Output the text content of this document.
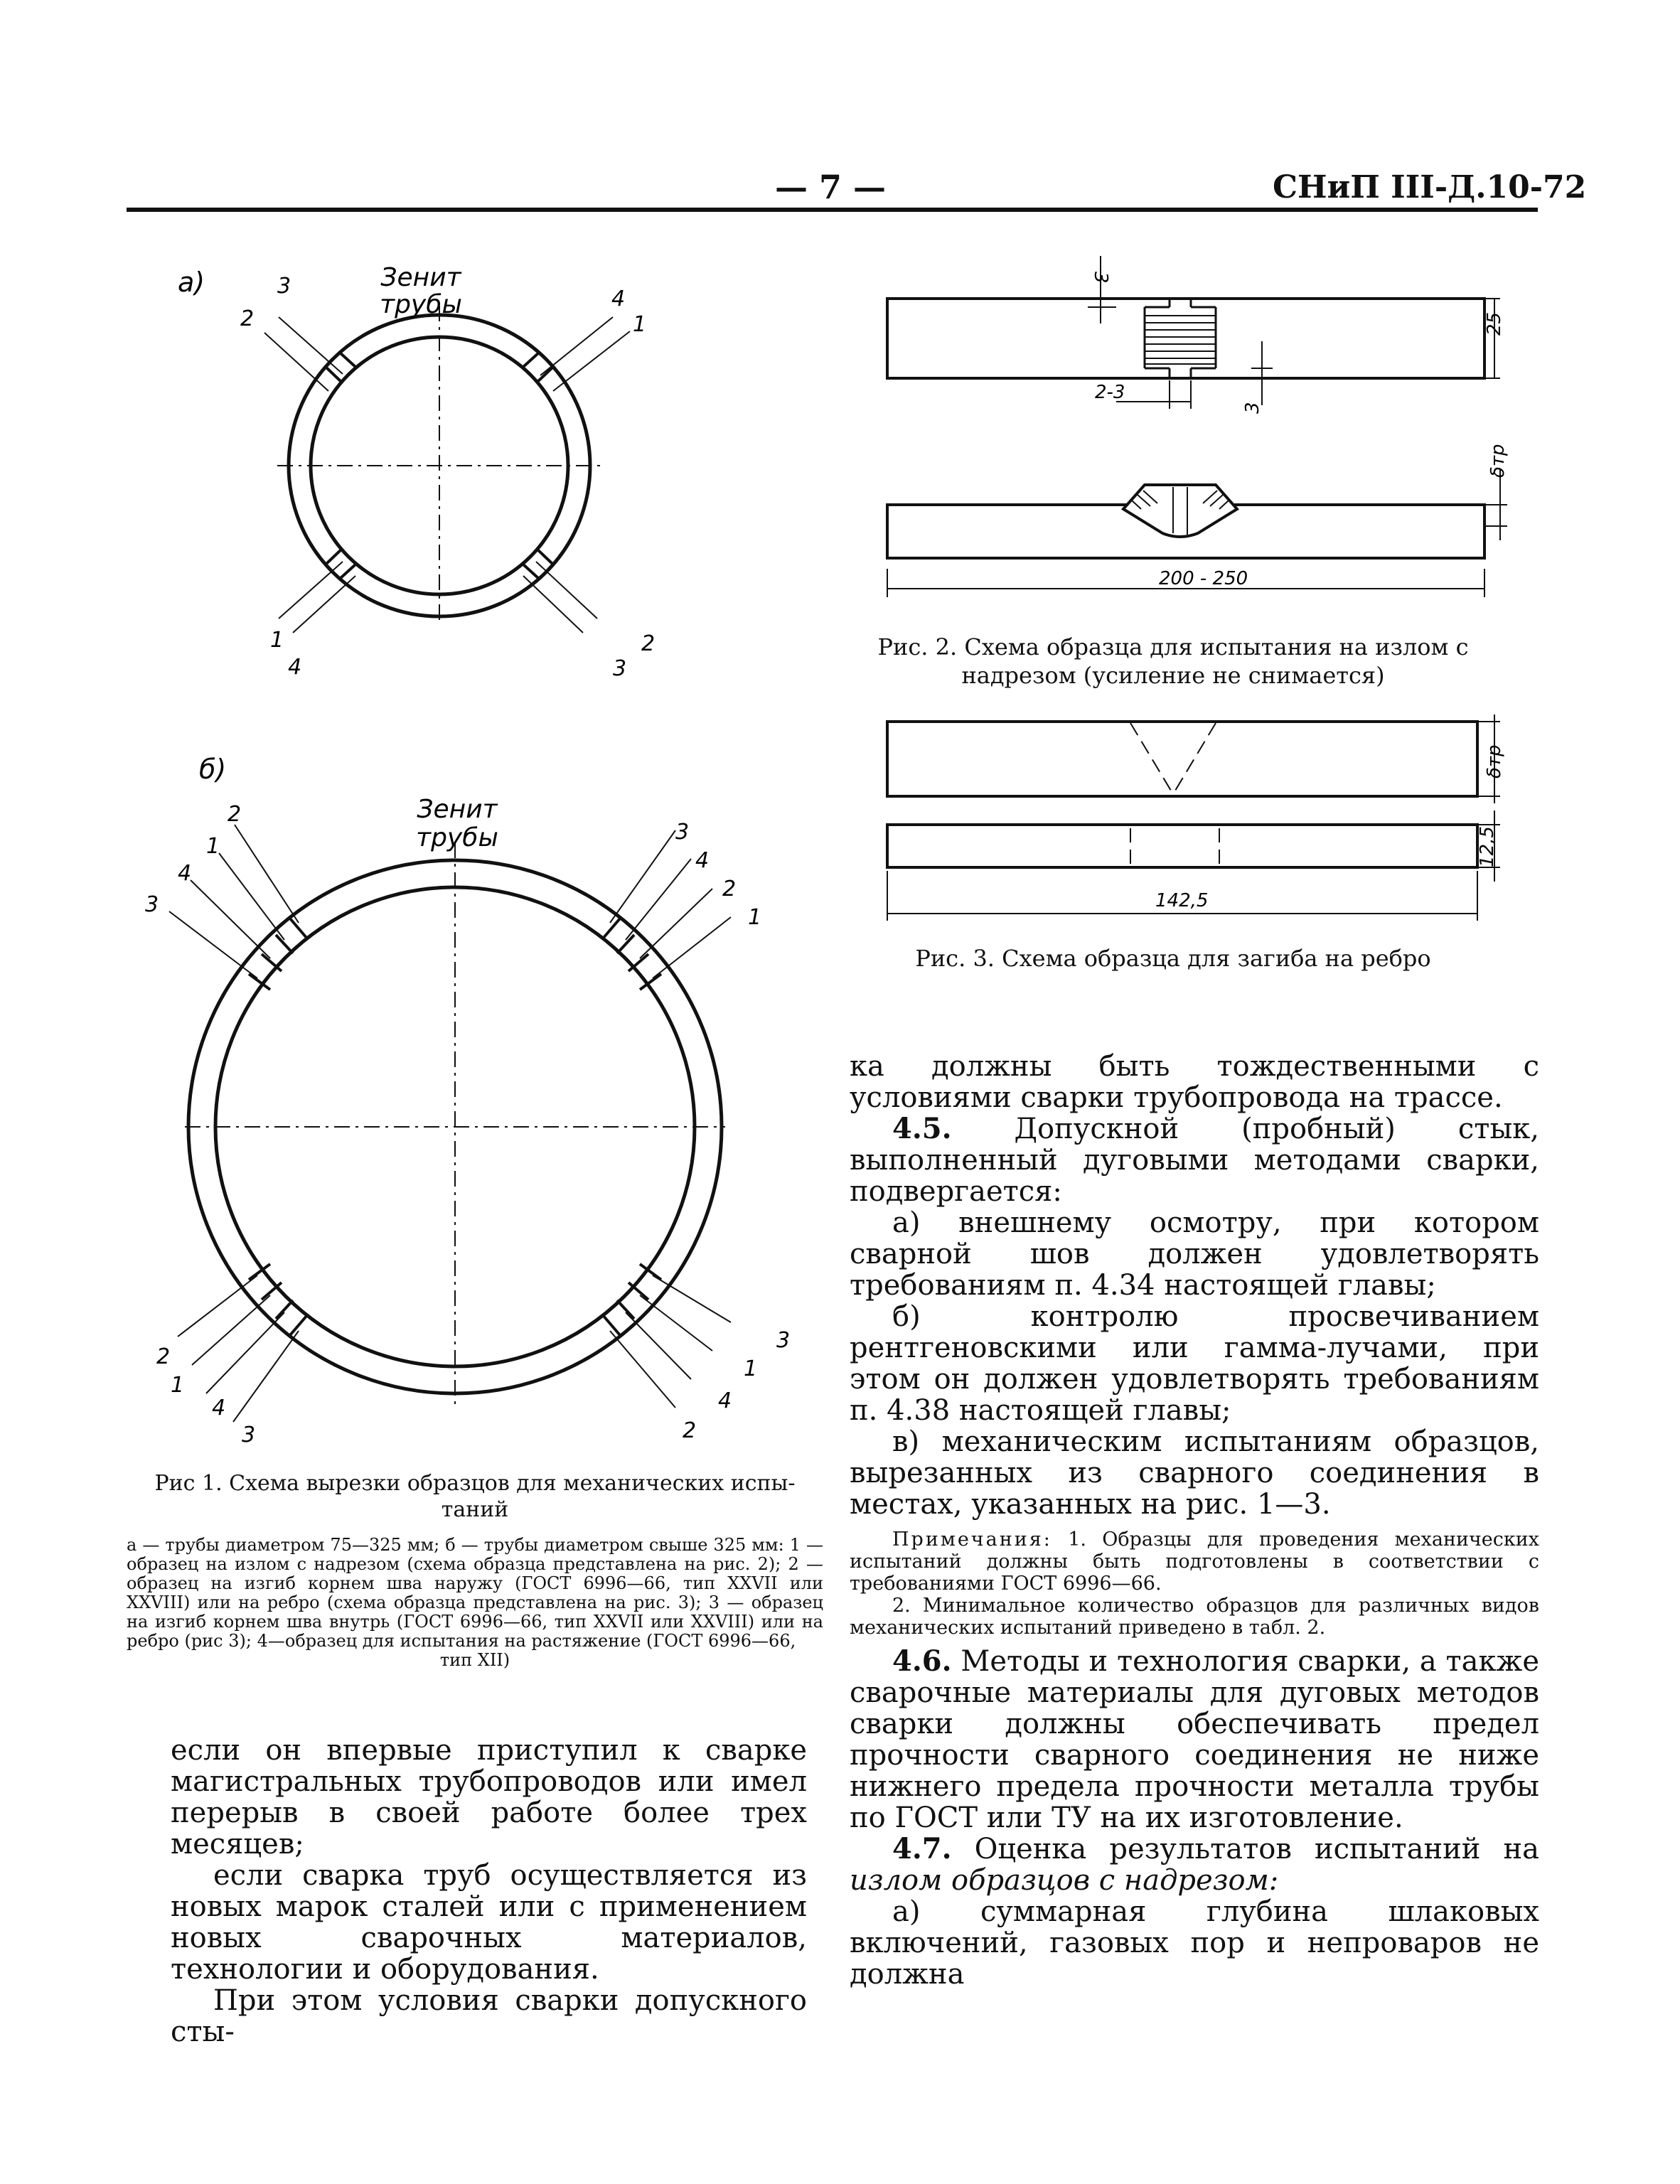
— 7 —	СНиП III-Д.10-72
а)	Зенит
трубы
3
2
4
1
1
4
2
3
б)
Зенит
трубы
2
1
4
3
3
4
2
1
2
1
4
3
3
1
4
2
Рис 1. Схема вырезки образцов для механических испы-
таний
а — трубы диаметром 75—325 мм; б — трубы диаметром свыше 325 мм: 1 — образец на излом с надрезом (схема образца представлена на рис. 2); 2 — образец на изгиб корнем шва наружу (ГОСТ 6996—66, тип XXVII или XXVIII) или на ребро (схема образца представлена на рис. 3); 3 — образец на изгиб корнем шва внутрь (ГОСТ 6996—66, тип XXVII или XXVIII) или на ребро (рис 3); 4—образец для испытания на растяжение (ГОСТ 6996—66,
тип XII)
3
25
2-3
3
δтр
200 - 250
Рис. 2. Схема образца для испытания на излом с надрезом (усиление не снимается)
δтр
12,5
142,5
Рис. 3. Схема образца для загиба на ребро

если он впервые приступил к сварке магистральных трубопроводов или имел перерыв в своей работе более трех месяцев;

если сварка труб осуществляется из новых марок сталей или с применением новых сварочных материалов, технологии и оборудования.

При этом условия сварки допускного сты-

ка должны быть тождественными с условиями сварки трубопровода на трассе.

4.5. Допускной (пробный) стык, выполненный дуговыми методами сварки, подвергается:

а) внешнему осмотру, при котором сварной шов должен удовлетворять требованиям п. 4.34 настоящей главы;

б) контролю просвечиванием рентгеновскими или гамма-лучами, при этом он должен удовлетворять требованиям п. 4.38 настоящей главы;

в) механическим испытаниям образцов, вырезанных из сварного соединения в местах, указанных на рис. 1—3.

Примечания: 1. Образцы для проведения механических испытаний должны быть подготовлены в соответствии с требованиями ГОСТ 6996—66.

2. Минимальное количество образцов для различных видов механических испытаний приведено в табл. 2.

4.6. Методы и технология сварки, а также сварочные материалы для дуговых методов сварки должны обеспечивать предел прочности сварного соединения не ниже нижнего предела прочности металла трубы по ГОСТ или ТУ на их изготовление.

4.7. Оценка результатов испытаний на излом образцов с надрезом:

а) суммарная глубина шлаковых включений, газовых пор и непроваров не должна
